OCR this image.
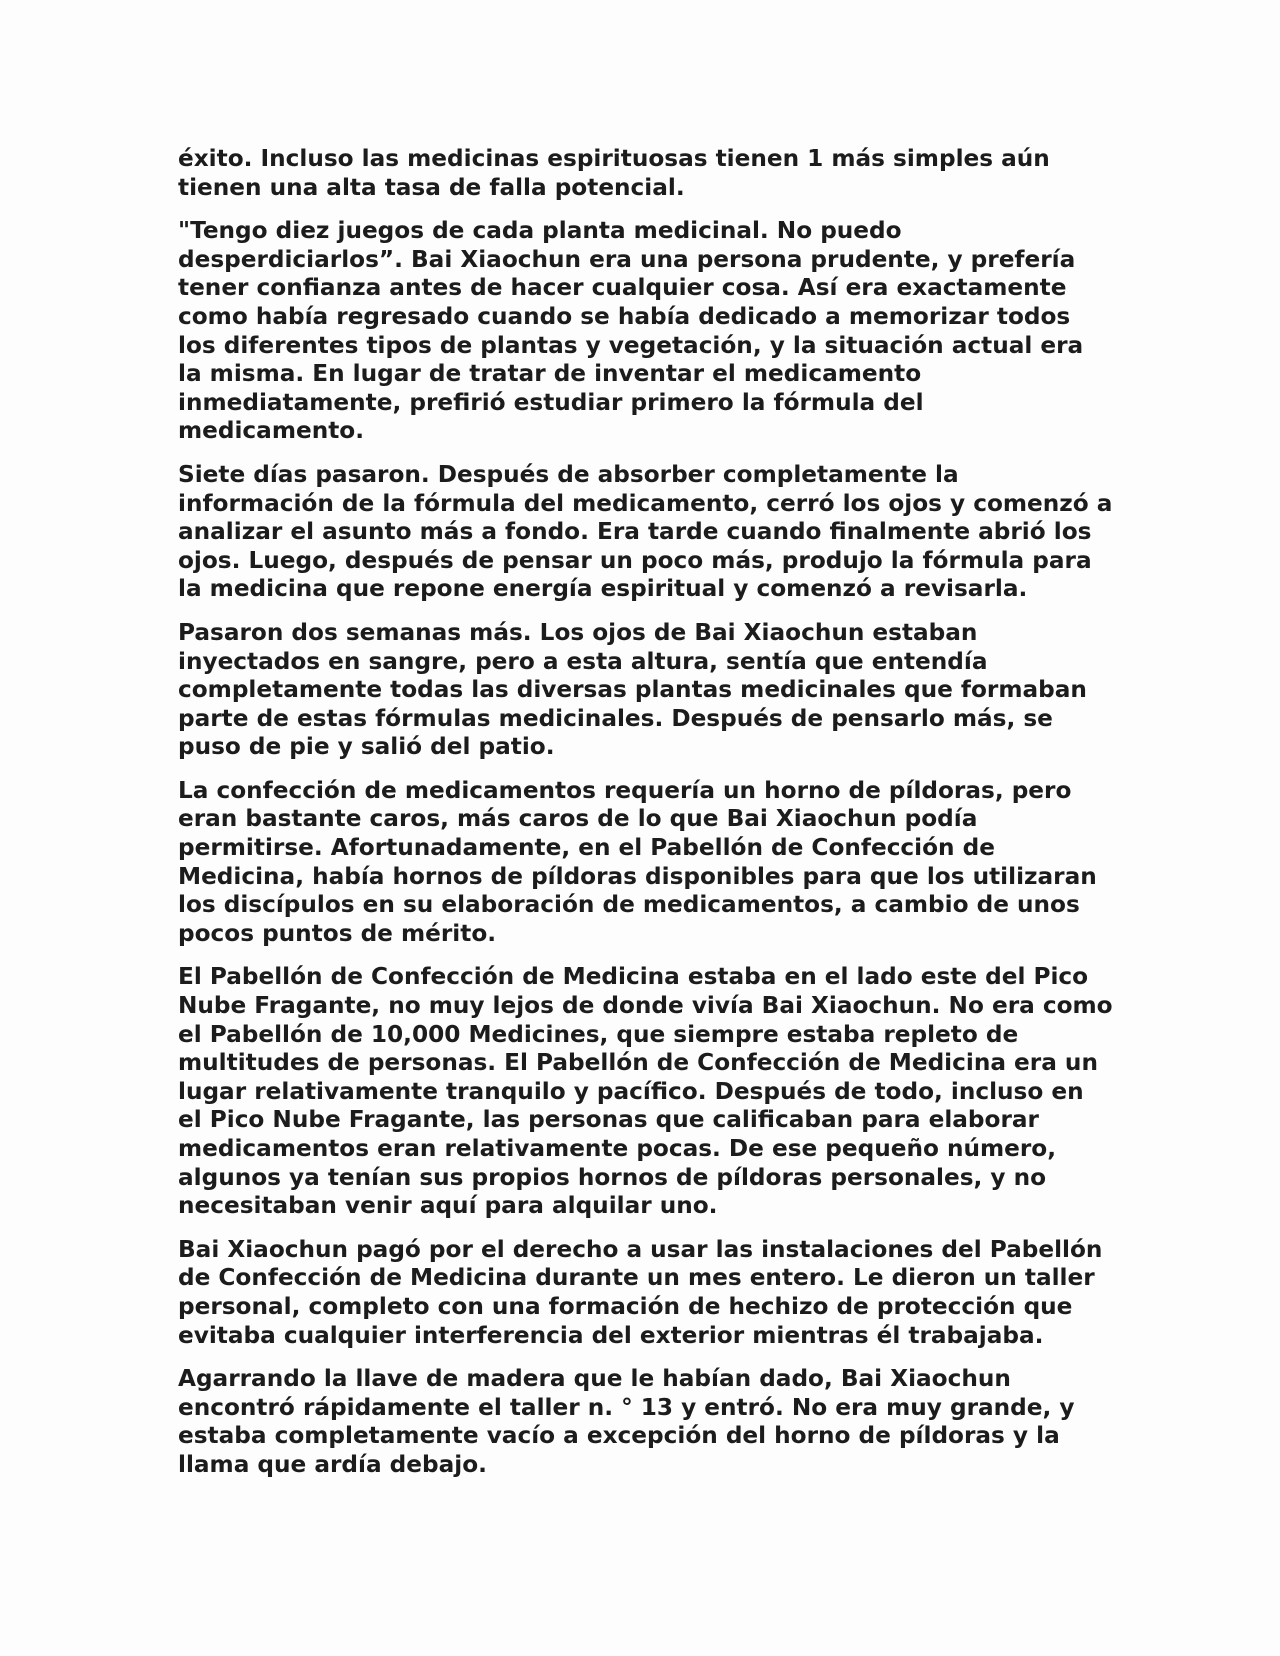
éxito. Incluso las medicinas espirituosas tienen 1 más simples aún tienen una alta tasa de falla potencial.

"Tengo diez juegos de cada planta medicinal. No puedo desperdiciarlos”. Bai Xiaochun era una persona prudente, y prefería tener confianza antes de hacer cualquier cosa. Así era exactamente como había regresado cuando se había dedicado a memorizar todos los diferentes tipos de plantas y vegetación, y la situación actual era la misma. En lugar de tratar de inventar el medicamento inmediatamente, prefirió estudiar primero la fórmula del medicamento.

Siete días pasaron. Después de absorber completamente la información de la fórmula del medicamento, cerró los ojos y comenzó a analizar el asunto más a fondo. Era tarde cuando finalmente abrió los ojos. Luego, después de pensar un poco más, produjo la fórmula para la medicina que repone energía espiritual y comenzó a revisarla.

Pasaron dos semanas más. Los ojos de Bai Xiaochun estaban inyectados en sangre, pero a esta altura, sentía que entendía completamente todas las diversas plantas medicinales que formaban parte de estas fórmulas medicinales. Después de pensarlo más, se puso de pie y salió del patio.

La confección de medicamentos requería un horno de píldoras, pero eran bastante caros, más caros de lo que Bai Xiaochun podía permitirse. Afortunadamente, en el Pabellón de Confección de Medicina, había hornos de píldoras disponibles para que los utilizaran los discípulos en su elaboración de medicamentos, a cambio de unos pocos puntos de mérito.

El Pabellón de Confección de Medicina estaba en el lado este del Pico Nube Fragante, no muy lejos de donde vivía Bai Xiaochun. No era como el Pabellón de 10,000 Medicines, que siempre estaba repleto de multitudes de personas. El Pabellón de Confección de Medicina era un lugar relativamente tranquilo y pacífico. Después de todo, incluso en el Pico Nube Fragante, las personas que calificaban para elaborar medicamentos eran relativamente pocas. De ese pequeño número, algunos ya tenían sus propios hornos de píldoras personales, y no necesitaban venir aquí para alquilar uno.

Bai Xiaochun pagó por el derecho a usar las instalaciones del Pabellón de Confección de Medicina durante un mes entero. Le dieron un taller personal, completo con una formación de hechizo de protección que evitaba cualquier interferencia del exterior mientras él trabajaba.

Agarrando la llave de madera que le habían dado, Bai Xiaochun encontró rápidamente el taller n. ° 13 y entró. No era muy grande, y estaba completamente vacío a excepción del horno de píldoras y la llama que ardía debajo.
